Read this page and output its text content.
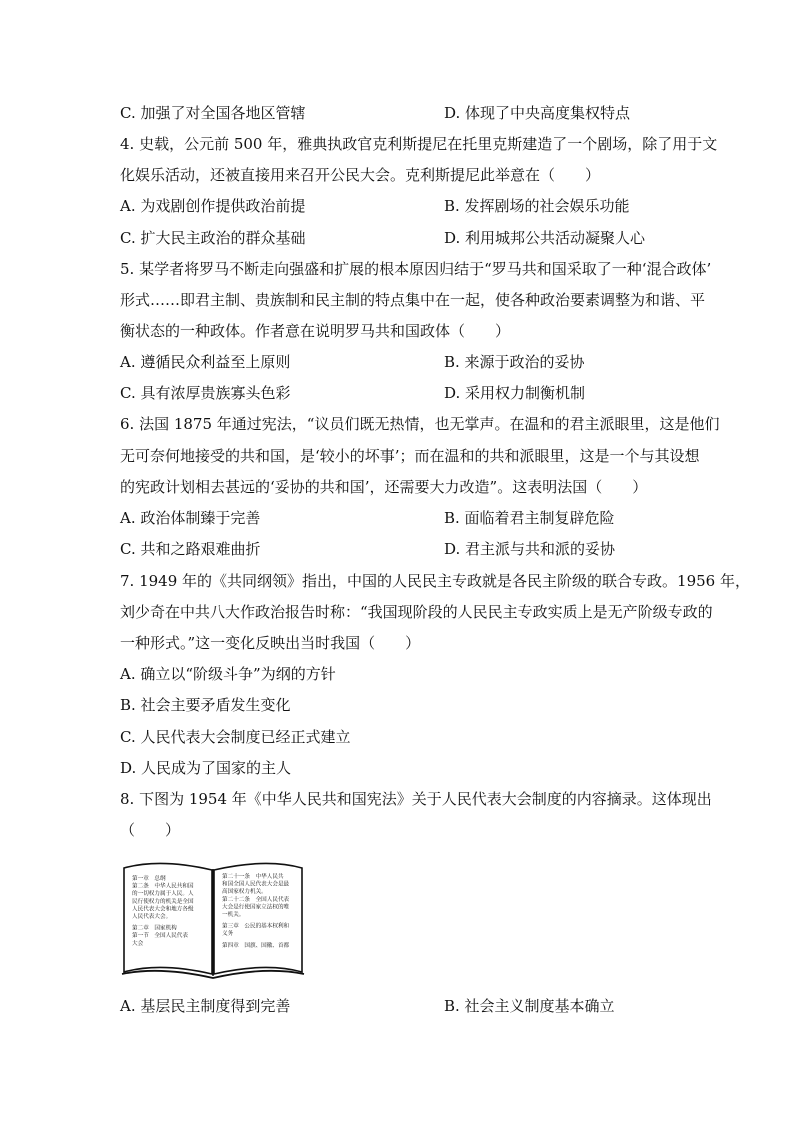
C. 加强了对全国各地区管辖	D. 体现了中央高度集权特点
4. 史载，公元前 500 年，雅典执政官克利斯提尼在托里克斯建造了一个剧场，除了用于文
化娱乐活动，还被直接用来召开公民大会。克利斯提尼此举意在（　　）
A. 为戏剧创作提供政治前提	B. 发挥剧场的社会娱乐功能
C. 扩大民主政治的群众基础	D. 利用城邦公共活动凝聚人心
5. 某学者将罗马不断走向强盛和扩展的根本原因归结于“罗马共和国采取了一种‘混合政体’
形式……即君主制、贵族制和民主制的特点集中在一起，使各种政治要素调整为和谐、平
衡状态的一种政体。作者意在说明罗马共和国政体（　　）
A. 遵循民众利益至上原则	B. 来源于政治的妥协
C. 具有浓厚贵族寡头色彩	D. 采用权力制衡机制
6. 法国 1875 年通过宪法，“议员们既无热情，也无掌声。在温和的君主派眼里，这是他们
无可奈何地接受的共和国，是‘较小的坏事’；而在温和的共和派眼里，这是一个与其设想
的宪政计划相去甚远的‘妥协的共和国’，还需要大力改造”。这表明法国（　　）
A. 政治体制臻于完善	B. 面临着君主制复辟危险
C. 共和之路艰难曲折	D. 君主派与共和派的妥协
7. 1949 年的《共同纲领》指出，中国的人民民主专政就是各民主阶级的联合专政。1956 年，
刘少奇在中共八大作政治报告时称：“我国现阶段的人民民主专政实质上是无产阶级专政的
一种形式。”这一变化反映出当时我国（　　）
A. 确立以“阶级斗争”为纲的方针
B. 社会主要矛盾发生变化
C. 人民代表大会制度已经正式建立
D. 人民成为了国家的主人
8. 下图为 1954 年《中华人民共和国宪法》关于人民代表大会制度的内容摘录。这体现出
（　　）
第一章　总纲
第二条　中华人民共和国
的一切权力属于人民。人
民行使权力的机关是全国
人民代表大会和地方各级
人民代表大会。
第二章　国家机构
第一节　全国人民代表
大会
第二十一条　中华人民共
和国全国人民代表大会是最
高国家权力机关。
第二十二条　全国人民代表
大会是行使国家立法权的唯
一机关。
第三章　公民的基本权利和
义务
第四章　国旗、国徽、首都
A. 基层民主制度得到完善	B. 社会主义制度基本确立
